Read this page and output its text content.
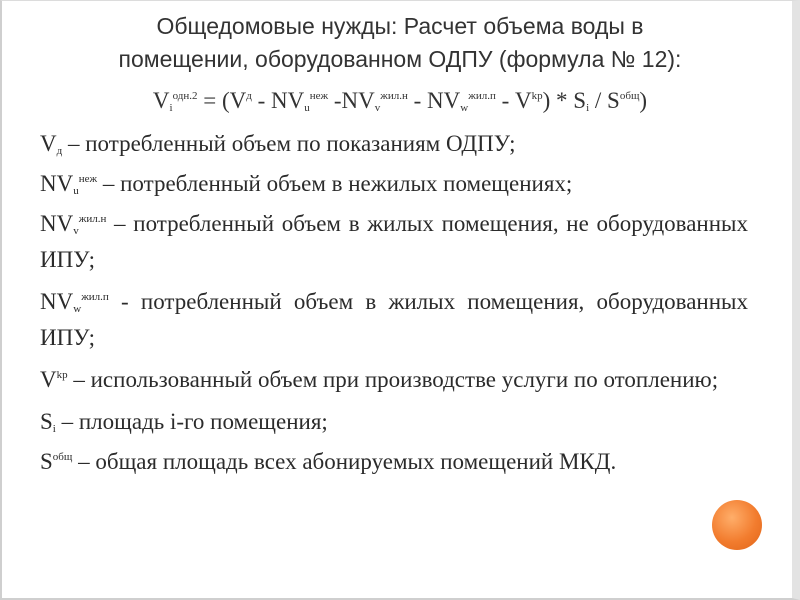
Общедомовые нужды: Расчет объема воды в
помещении, оборудованном ОДПУ (формула № 12):
$V_i^{одн.2} = (V^д - NV_u^{неж}$ $-NV_v^{жил.н} - NV_w^{жил.п} - V^{kp}) * S_i / S^{общ}$)

$V_д$ – потребленный объем по показаниям ОДПУ;

$NV_u^{неж}$ – потребленный объем в нежилых помещениях;

$NV_v^{жил.н}$ – потребленный объем в жилых помещения, не оборудованных ИПУ;

$NV_w^{жил.п}$ - потребленный объем в жилых помещения, оборудованных ИПУ;

$V^{kp}$ – использованный объем при производстве услуги по отоплению;

$S_i$ – площадь i-го помещения;

$S^{общ}$ – общая площадь всех абонируемых помещений МКД.
